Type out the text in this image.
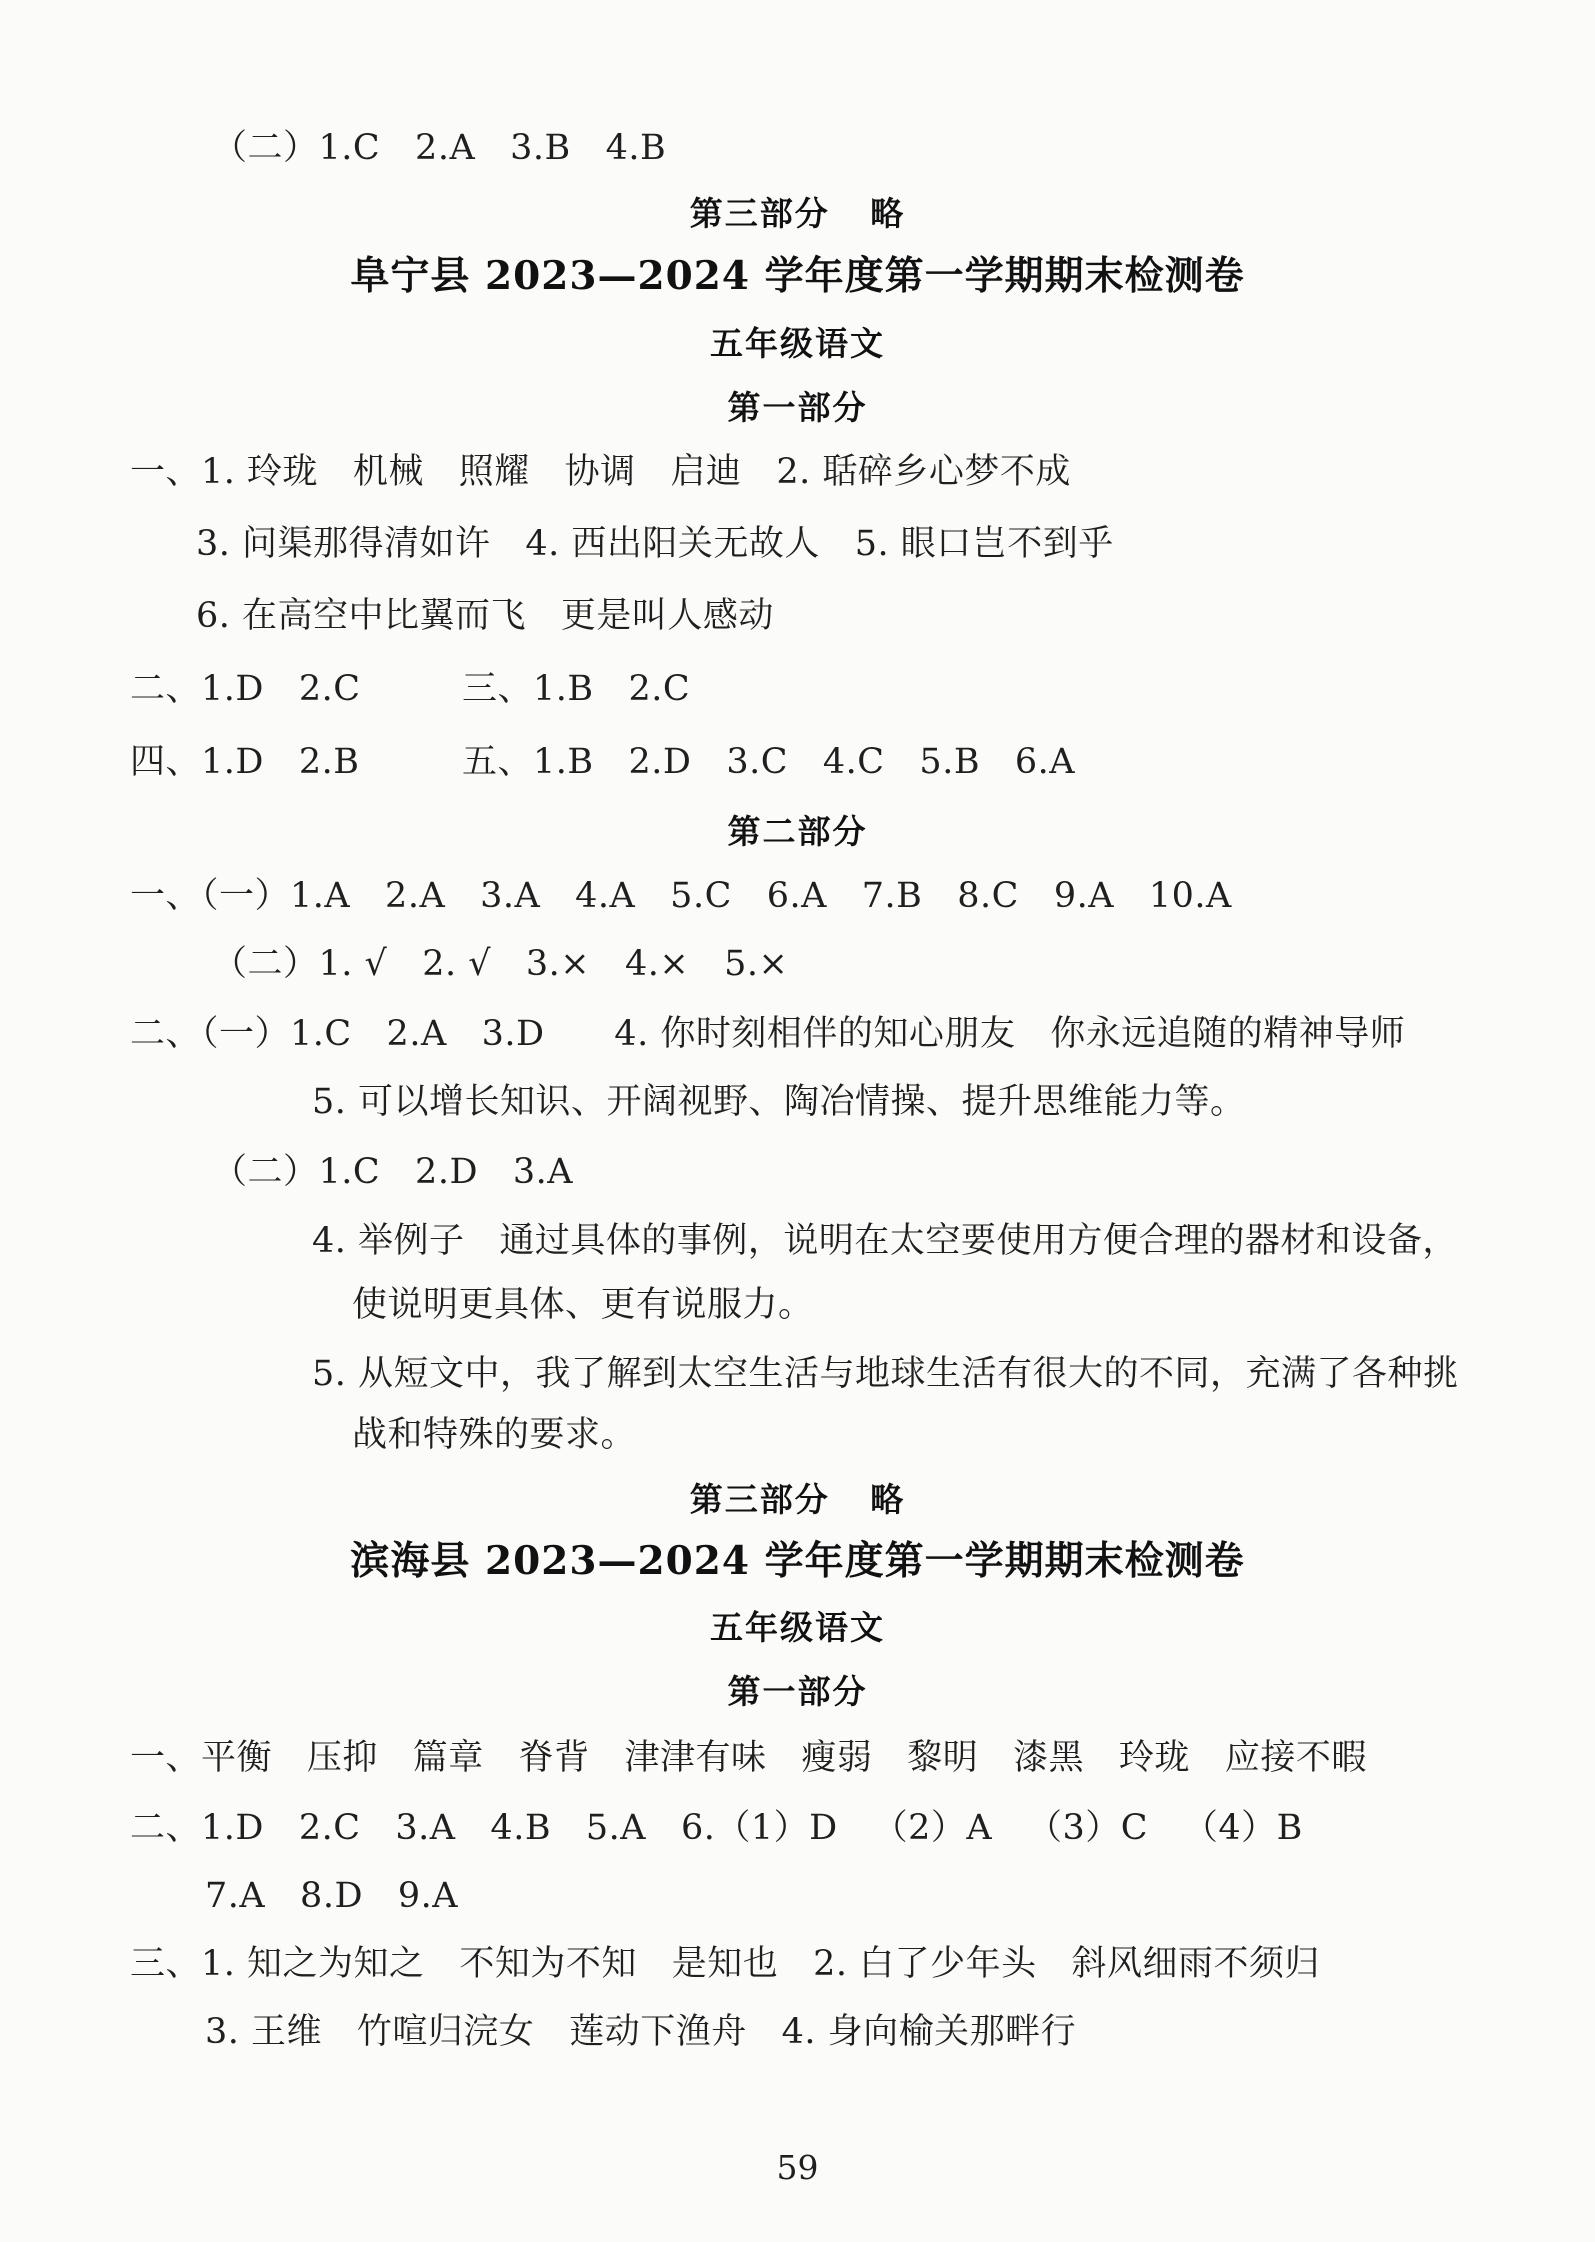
（二）1.C   2.A   3.B   4.B
第三部分   略
阜宁县 2023—2024 学年度第一学期期末检测卷
五年级语文
第一部分
一、1. 玲珑   机械   照耀   协调   启迪   2. 聒碎乡心梦不成
3. 问渠那得清如许   4. 西出阳关无故人   5. 眼口岂不到乎
6. 在高空中比翼而飞   更是叫人感动
二、1.D   2.C	三、1.B   2.C
四、1.D   2.B	五、1.B   2.D   3.C   4.C   5.B   6.A
第二部分
一、（一）1.A   2.A   3.A   4.A   5.C   6.A   7.B   8.C   9.A   10.A
（二）1. √   2. √   3.×   4.×   5.×
二、（一）1.C   2.A   3.D      4. 你时刻相伴的知心朋友   你永远追随的精神导师
5. 可以增长知识、开阔视野、陶冶情操、提升思维能力等。
（二）1.C   2.D   3.A
4. 举例子   通过具体的事例，说明在太空要使用方便合理的器材和设备，
使说明更具体、更有说服力。
5. 从短文中，我了解到太空生活与地球生活有很大的不同，充满了各种挑
战和特殊的要求。
第三部分   略
滨海县 2023—2024 学年度第一学期期末检测卷
五年级语文
第一部分
一、平衡   压抑   篇章   脊背   津津有味   瘦弱   黎明   漆黑   玲珑   应接不暇
二、1.D   2.C   3.A   4.B   5.A   6.（1）D   （2）A   （3）C   （4）B
7.A   8.D   9.A
三、1. 知之为知之   不知为不知   是知也   2. 白了少年头   斜风细雨不须归
3. 王维   竹喧归浣女   莲动下渔舟   4. 身向榆关那畔行
59
